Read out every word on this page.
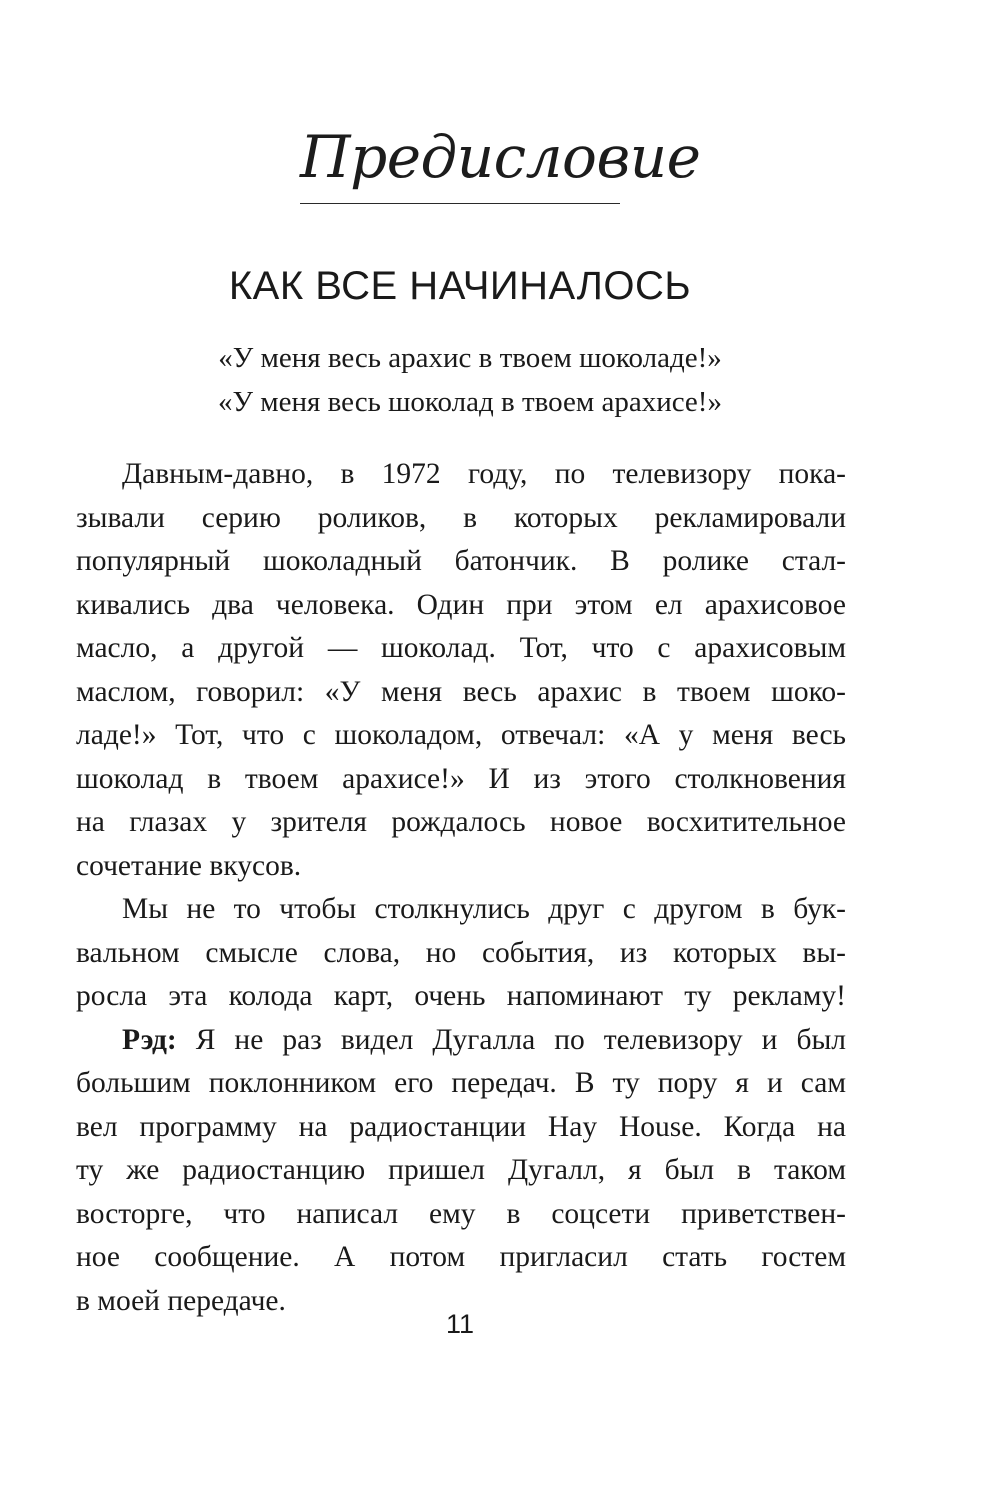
Предисловие
КАК ВСЕ НАЧИНАЛОСЬ
«У меня весь арахис в твоем шоколаде!»
«У меня весь шоколад в твоем арахисе!»
Давным-давно, в 1972 году, по телевизору пока-
зывали серию роликов, в которых рекламировали
популярный шоколадный батончик. В ролике стал-
кивались два человека. Один при этом ел арахисовое
масло, а другой — шоколад. Тот, что с арахисовым
маслом, говорил: «У меня весь арахис в твоем шоко-
ладе!» Тот, что с шоколадом, отвечал: «А у меня весь
шоколад в твоем арахисе!» И из этого столкновения
на глазах у зрителя рождалось новое восхитительное
сочетание вкусов.
Мы не то чтобы столкнулись друг с другом в бук-
вальном смысле слова, но события, из которых вы-
росла эта колода карт, очень напоминают ту рекламу!
Рэд: Я не раз видел Дугалла по телевизору и был
большим поклонником его передач. В ту пору я и сам
вел программу на радиостанции Hay House. Когда на
ту же радиостанцию пришел Дугалл, я был в таком
восторге, что написал ему в соцсети приветствен-
ное сообщение. А потом пригласил стать гостем
в моей передаче.
11
